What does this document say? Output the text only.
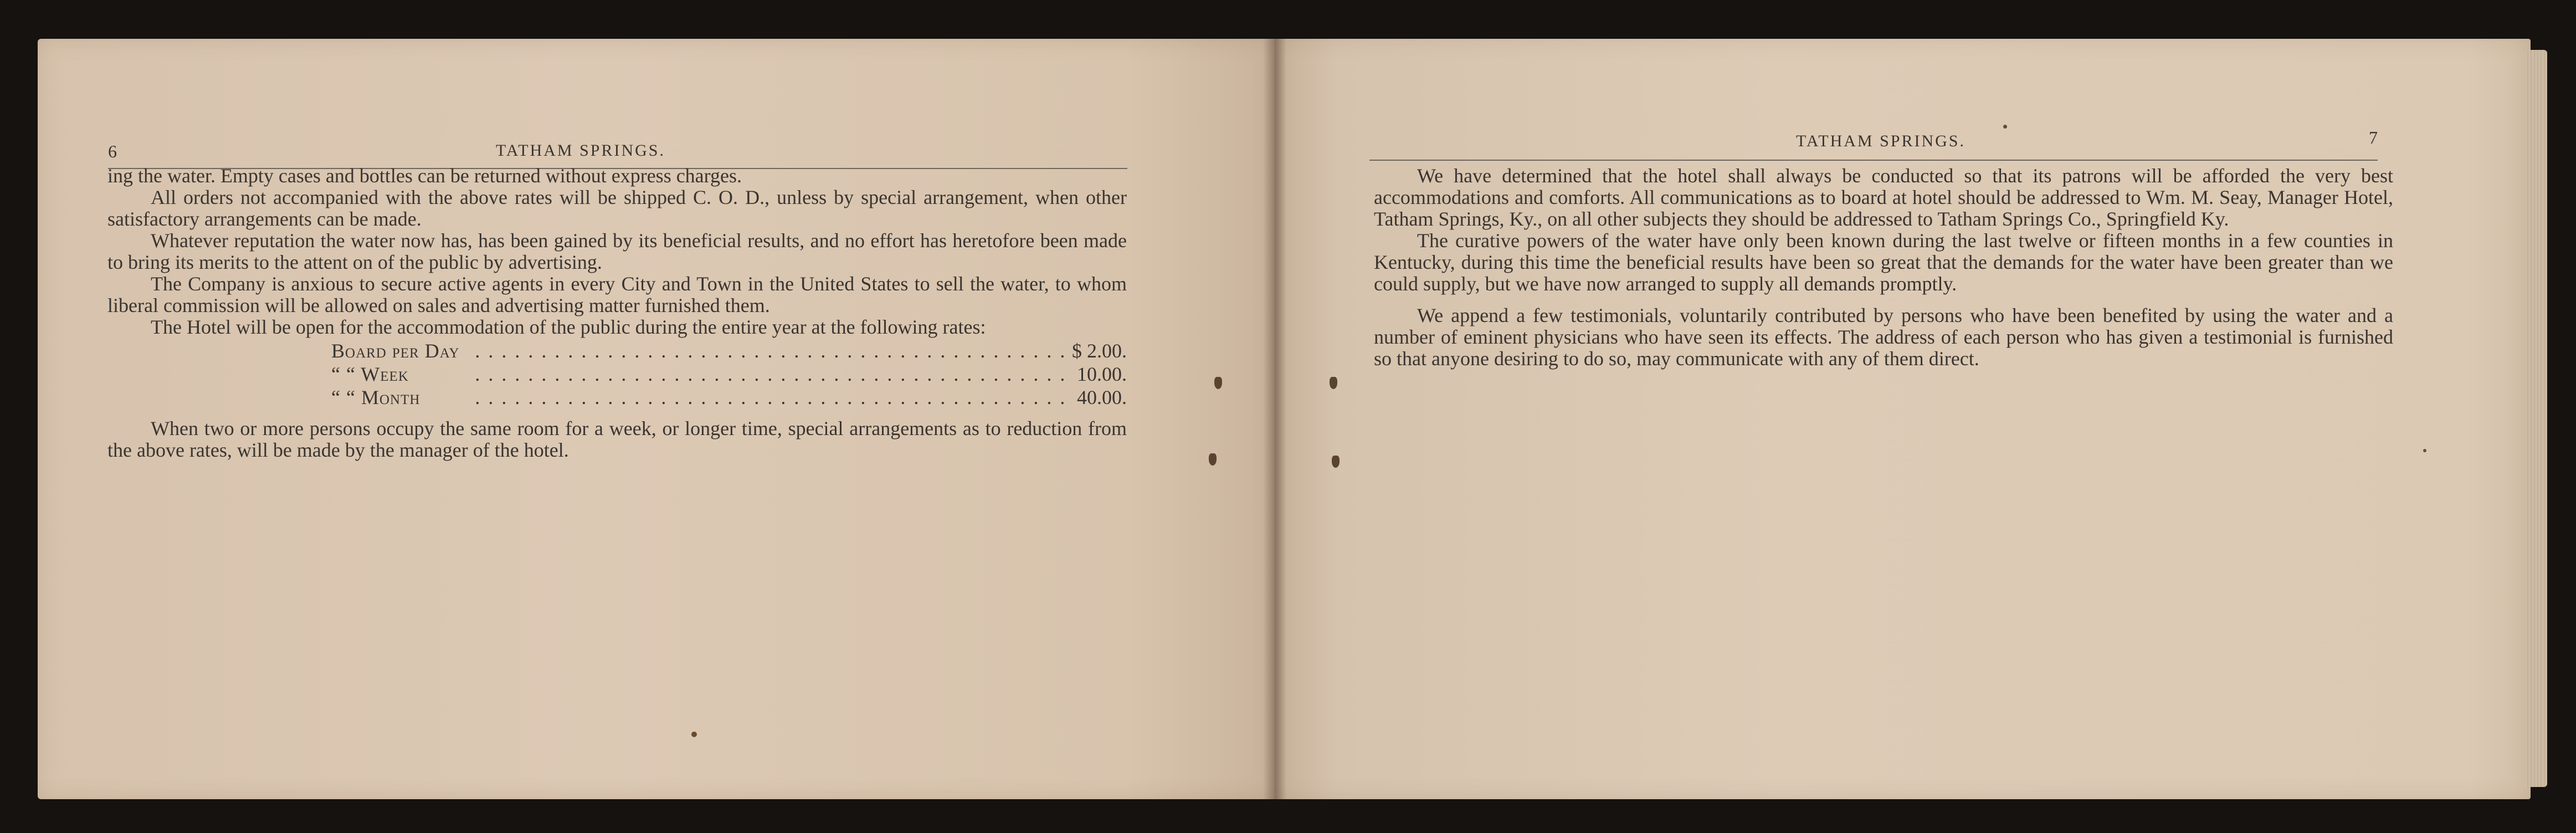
6	TATHAM SPRINGS.

ing the water. Empty cases and bottles can be returned without express charges.

All orders not accompanied with the above rates will be shipped C. O. D., unless by special arrangement, when other satisfactory arrangements can be made.

Whatever reputation the water now has, has been gained by its beneficial results, and no effort has heretofore been made to bring its merits to the attent on of the public by advertising.

The Company is anxious to secure active agents in every City and Town in the United States to sell the water, to whom liberal commission will be allowed on sales and advertising matter furnished them.

The Hotel will be open for the accommodation of the public during the entire year at the following rates:

Board per Day . . . . . . . . . . . . . . . . . . . . . . . . . . . . . . . . . . . . . . . . . . . . . $ 2.00.
“ “ Week	. . . . . . . . . . . . . . . . . . . . . . . . . . . . . . . . . . . . . . . . . . . . . 10.00.
“ “ Month	. . . . . . . . . . . . . . . . . . . . . . . . . . . . . . . . . . . . . . . . . . . . . 40.00.

When two or more persons occupy the same room for a week, or longer time, special arrangements as to reduction from the above rates, will be made by the manager of the hotel.

TATHAM SPRINGS.	7

We have determined that the hotel shall always be conducted so that its patrons will be afforded the very best accommodations and comforts. All communications as to board at hotel should be addressed to Wm. M. Seay, Manager Hotel, Tatham Springs, Ky., on all other subjects they should be addressed to Tatham Springs Co., Springfield Ky.

The curative powers of the water have only been known during the last twelve or fifteen months in a few counties in Kentucky, during this time the beneficial results have been so great that the demands for the water have been greater than we could supply, but we have now arranged to supply all demands promptly.

We append a few testimonials, voluntarily contributed by persons who have been benefited by using the water and a number of eminent physicians who have seen its effects. The address of each person who has given a testimonial is furnished so that anyone desiring to do so, may communicate with any of them direct.
